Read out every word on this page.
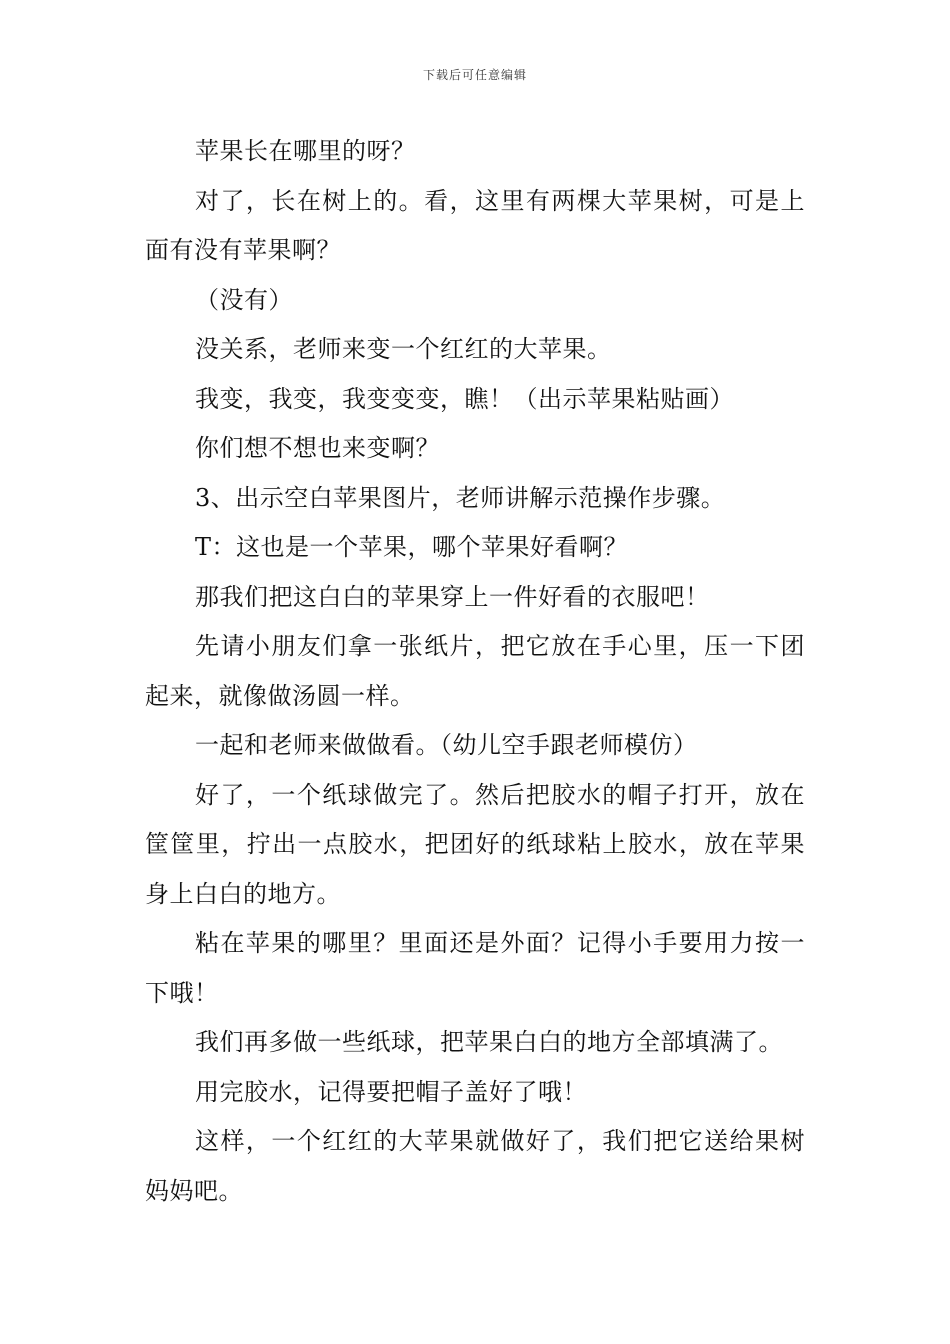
下载后可任意编辑

苹果长在哪里的呀？

对了，长在树上的。看，这里有两棵大苹果树，可是上面有没有苹果啊？

（没有）

没关系，老师来变一个红红的大苹果。

我变，我变，我变变变，瞧！（出示苹果粘贴画）

你们想不想也来变啊？

3、出示空白苹果图片，老师讲解示范操作步骤。

T：这也是一个苹果，哪个苹果好看啊？

那我们把这白白的苹果穿上一件好看的衣服吧！

先请小朋友们拿一张纸片，把它放在手心里，压一下团起来，就像做汤圆一样。

一起和老师来做做看。（幼儿空手跟老师模仿）

好了，一个纸球做完了。然后把胶水的帽子打开，放在筐筐里，拧出一点胶水，把团好的纸球粘上胶水，放在苹果身上白白的地方。

粘在苹果的哪里？里面还是外面？记得小手要用力按一下哦！

我们再多做一些纸球，把苹果白白的地方全部填满了。

用完胶水，记得要把帽子盖好了哦！

这样，一个红红的大苹果就做好了，我们把它送给果树妈妈吧。
